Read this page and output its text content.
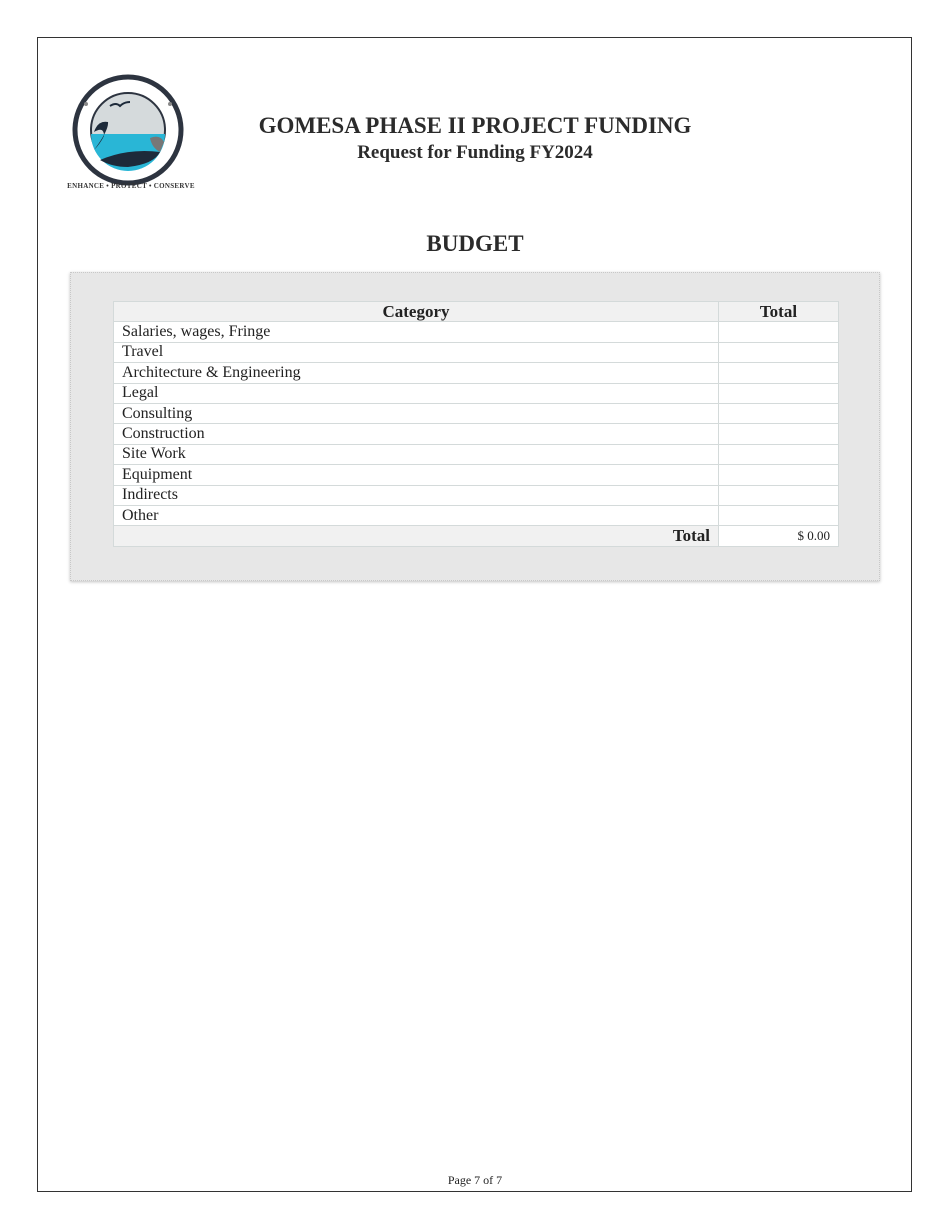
ENHANCE • PROTECT • CONSERVE
GOMESA PHASE II PROJECT FUNDING
Request for Funding FY2024
BUDGET
Category	Total
Salaries, wages, Fringe	
Travel	
Architecture & Engineering	
Legal	
Consulting	
Construction	
Site Work	
Equipment	
Indirects	
Other	
Total	$ 0.00
Page 7 of 7
